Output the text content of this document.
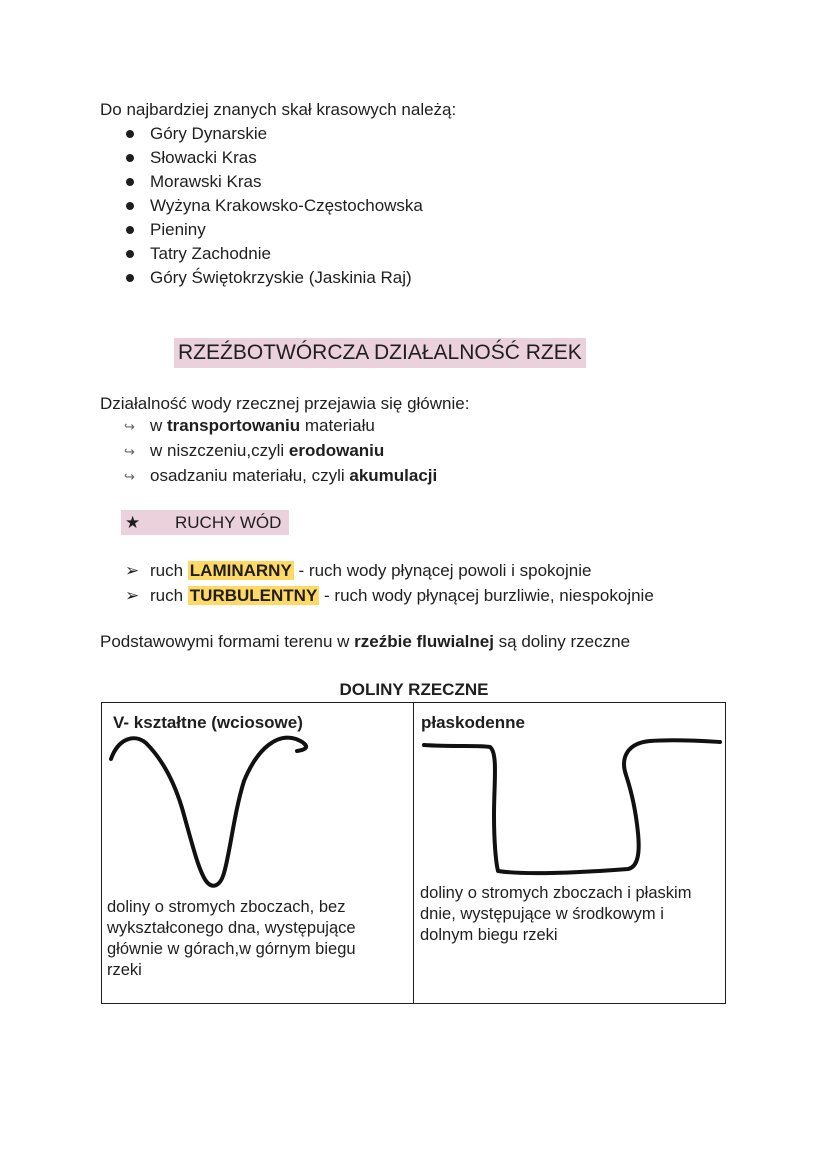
Do najbardziej znanych skał krasowych należą:
Góry Dynarskie
Słowacki Kras
Morawski Kras
Wyżyna Krakowsko-Częstochowska
Pieniny
Tatry Zachodnie
Góry Świętokrzyskie (Jaskinia Raj)
RZEŹBOTWÓRCZA DZIAŁALNOŚĆ RZEK
Działalność wody rzecznej przejawia się głównie:
↪ w transportowaniu materiału
↪ w niszczeniu,czyli erodowaniu
↪ osadzaniu materiału, czyli akumulacji
★ RUCHY WÓD
➢ ruch LAMINARNY - ruch wody płynącej powoli i spokojnie
➢ ruch TURBULENTNY - ruch wody płynącej burzliwie, niespokojnie
Podstawowymi formami terenu w rzeźbie fluwialnej są doliny rzeczne
DOLINY RZECZNE
V- kształtne (wciosowe)
doliny o stromych zboczach, bez
wykształconego dna, występujące
głównie w górach,w górnym biegu
rzeki
płaskodenne
doliny o stromych zboczach i płaskim
dnie, występujące w środkowym i
dolnym biegu rzeki
